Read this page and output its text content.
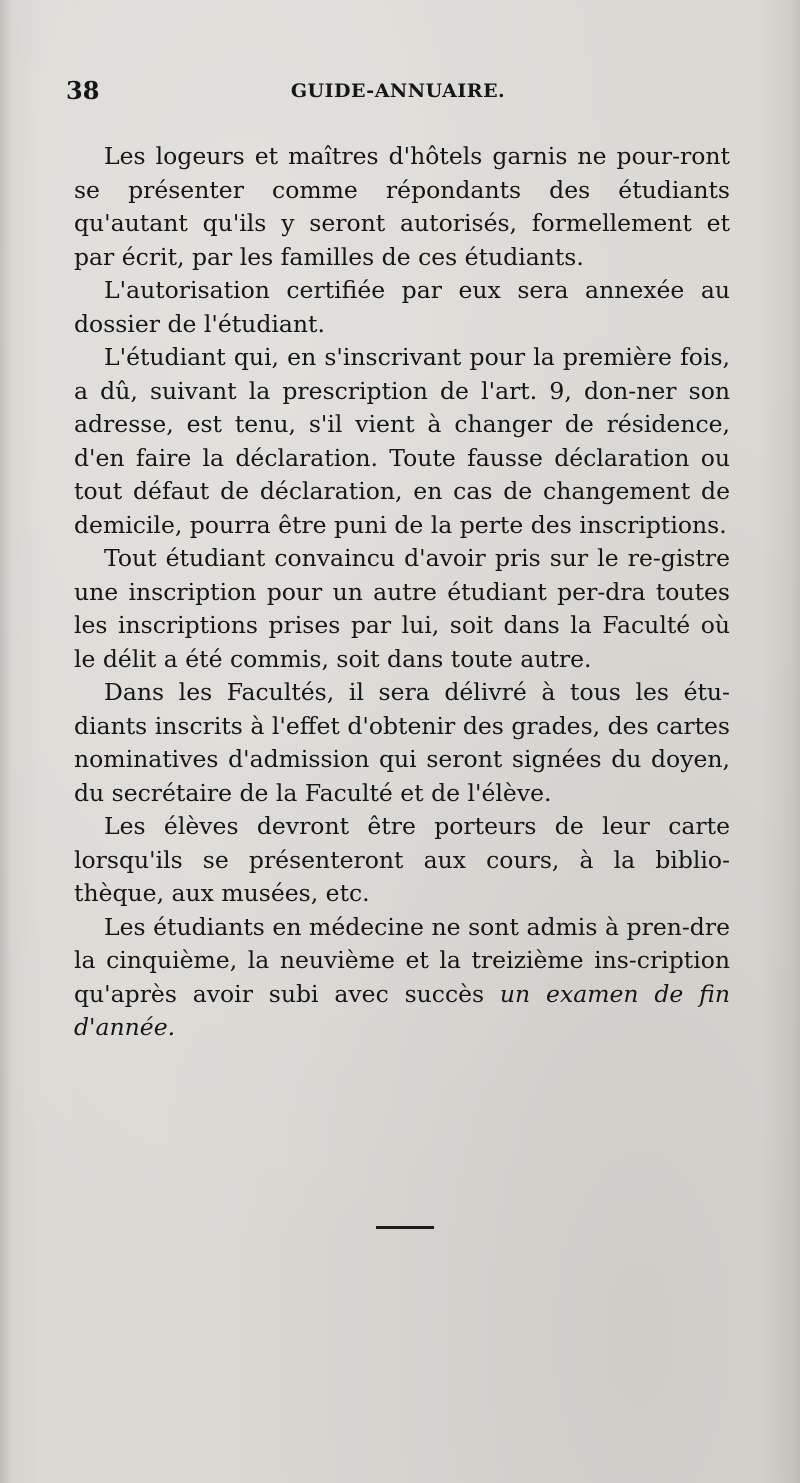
38	GUIDE-ANNUAIRE.

Les logeurs et maîtres d'hôtels garnis ne pour-ront se présenter comme répondants des étudiants qu'autant qu'ils y seront autorisés, formellement et par écrit, par les familles de ces étudiants.

L'autorisation certifiée par eux sera annexée au dossier de l'étudiant.

L'étudiant qui, en s'inscrivant pour la première fois, a dû, suivant la prescription de l'art. 9, don-ner son adresse, est tenu, s'il vient à changer de résidence, d'en faire la déclaration. Toute fausse déclaration ou tout défaut de déclaration, en cas de changement de demicile, pourra être puni de la perte des inscriptions.

Tout étudiant convaincu d'avoir pris sur le re-gistre une inscription pour un autre étudiant per-dra toutes les inscriptions prises par lui, soit dans la Faculté où le délit a été commis, soit dans toute autre.

Dans les Facultés, il sera délivré à tous les étu-diants inscrits à l'effet d'obtenir des grades, des cartes nominatives d'admission qui seront signées du doyen, du secrétaire de la Faculté et de l'élève.

Les élèves devront être porteurs de leur carte lorsqu'ils se présenteront aux cours, à la biblio-thèque, aux musées, etc.

Les étudiants en médecine ne sont admis à pren-dre la cinquième, la neuvième et la treizième ins-cription qu'après avoir subi avec succès un examen de fin d'année.
